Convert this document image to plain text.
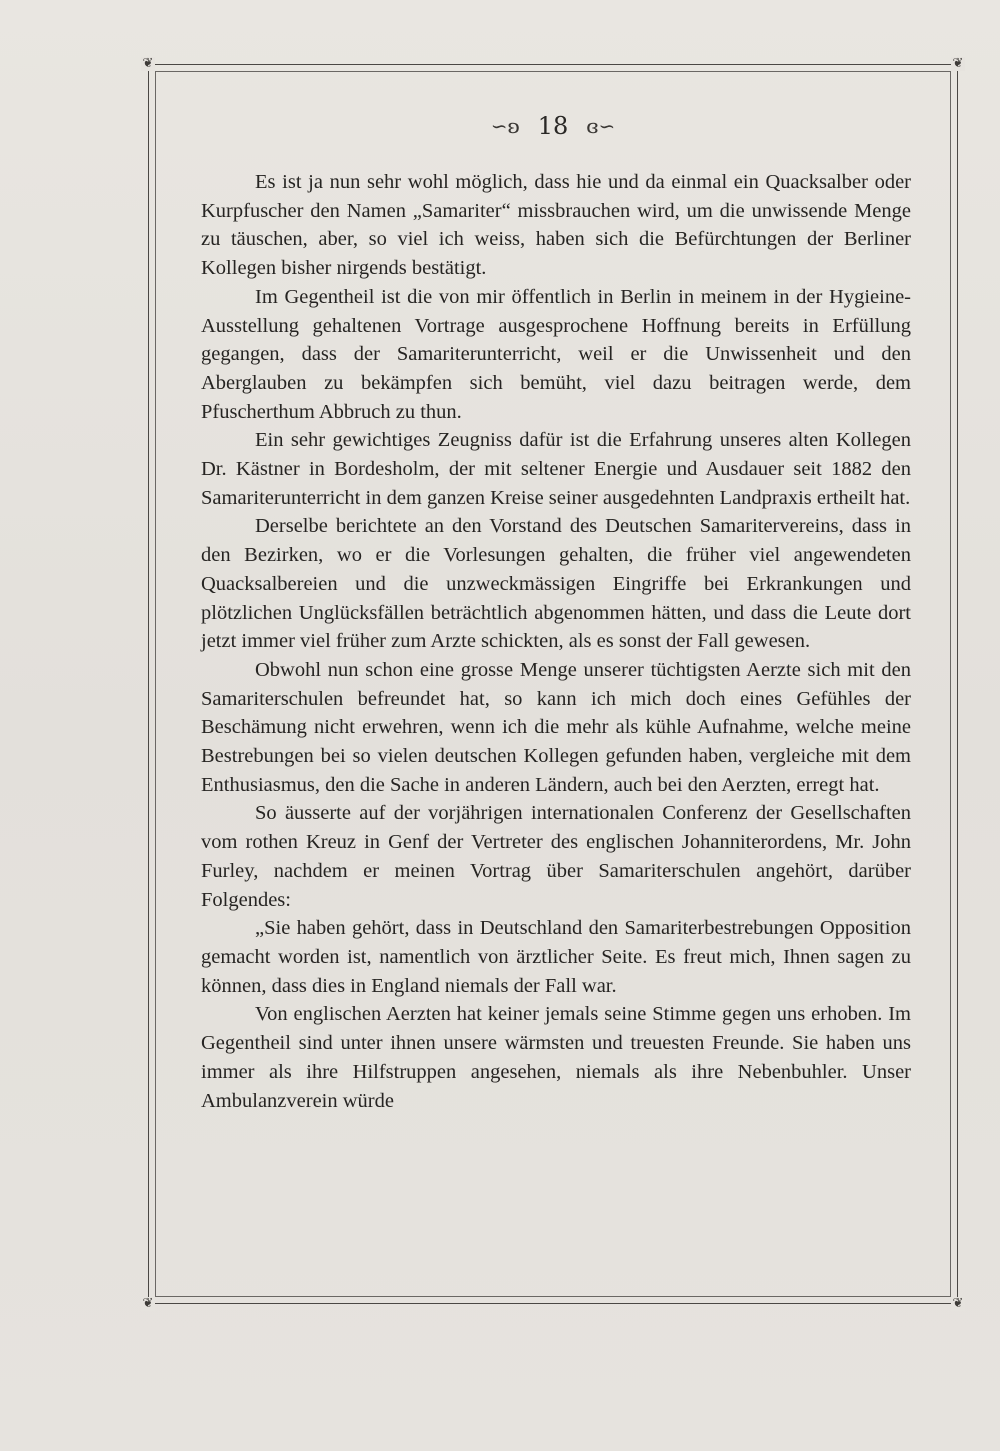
❦	❦
❦	❦
∽ʚ 18 ɞ∽

Es ist ja nun sehr wohl möglich, dass hie und da einmal ein Quacksalber oder Kurpfuscher den Namen „Samariter“ missbrauchen wird, um die unwissende Menge zu täuschen, aber, so viel ich weiss, haben sich die Befürchtungen der Berliner Kollegen bisher nirgends bestätigt.

Im Gegentheil ist die von mir öffentlich in Berlin in meinem in der Hygieine-Ausstellung gehaltenen Vortrage ausgesprochene Hoffnung bereits in Erfüllung gegangen, dass der Samariterunterricht, weil er die Unwissenheit und den Aberglauben zu bekämpfen sich bemüht, viel dazu beitragen werde, dem Pfuscherthum Abbruch zu thun.

Ein sehr gewichtiges Zeugniss dafür ist die Erfahrung unseres alten Kollegen Dr. Kästner in Bordesholm, der mit seltener Energie und Ausdauer seit 1882 den Samariterunterricht in dem ganzen Kreise seiner ausgedehnten Landpraxis ertheilt hat.

Derselbe berichtete an den Vorstand des Deutschen Samaritervereins, dass in den Bezirken, wo er die Vorlesungen gehalten, die früher viel angewendeten Quacksalbereien und die unzweckmässigen Eingriffe bei Erkrankungen und plötzlichen Unglücksfällen beträchtlich abgenommen hätten, und dass die Leute dort jetzt immer viel früher zum Arzte schickten, als es sonst der Fall gewesen.

Obwohl nun schon eine grosse Menge unserer tüchtigsten Aerzte sich mit den Samariterschulen befreundet hat, so kann ich mich doch eines Gefühles der Beschämung nicht erwehren, wenn ich die mehr als kühle Aufnahme, welche meine Bestrebungen bei so vielen deutschen Kollegen gefunden haben, vergleiche mit dem Enthusiasmus, den die Sache in anderen Ländern, auch bei den Aerzten, erregt hat.

So äusserte auf der vorjährigen internationalen Conferenz der Gesellschaften vom rothen Kreuz in Genf der Vertreter des englischen Johanniterordens, Mr. John Furley, nachdem er meinen Vortrag über Samariterschulen angehört, darüber Folgendes:

„Sie haben gehört, dass in Deutschland den Samariterbestrebungen Opposition gemacht worden ist, namentlich von ärztlicher Seite. Es freut mich, Ihnen sagen zu können, dass dies in England niemals der Fall war.

Von englischen Aerzten hat keiner jemals seine Stimme gegen uns erhoben. Im Gegentheil sind unter ihnen unsere wärmsten und treuesten Freunde. Sie haben uns immer als ihre Hilfstruppen angesehen, niemals als ihre Nebenbuhler. Unser Ambulanzverein würde
